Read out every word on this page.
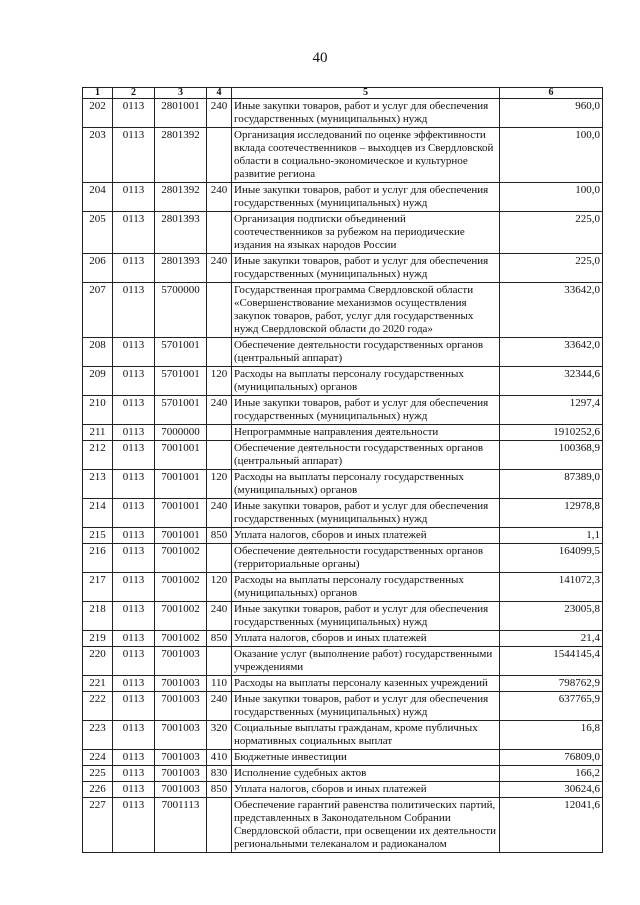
40
1	2	3	4	5	6
202	0113	2801001	240	Иные закупки товаров, работ и услуг для обеспечения государственных (муниципальных) нужд	960,0
203	0113	2801392		Организация исследований по оценке эффективности вклада соотечественников – выходцев из Свердловской области в социально-экономическое и культурное развитие региона	100,0
204	0113	2801392	240	Иные закупки товаров, работ и услуг для обеспечения государственных (муниципальных) нужд	100,0
205	0113	2801393		Организация подписки объединений соотечественников за рубежом на периодические издания на языках народов России	225,0
206	0113	2801393	240	Иные закупки товаров, работ и услуг для обеспечения государственных (муниципальных) нужд	225,0
207	0113	5700000		Государственная программа Свердловской области «Совершенствование механизмов осуществления закупок товаров, работ, услуг для государственных нужд Свердловской области до 2020 года»	33642,0
208	0113	5701001		Обеспечение деятельности государственных органов (центральный аппарат)	33642,0
209	0113	5701001	120	Расходы на выплаты персоналу государственных (муниципальных) органов	32344,6
210	0113	5701001	240	Иные закупки товаров, работ и услуг для обеспечения государственных (муниципальных) нужд	1297,4
211	0113	7000000		Непрограммные направления деятельности	1910252,6
212	0113	7001001		Обеспечение деятельности государственных органов (центральный аппарат)	100368,9
213	0113	7001001	120	Расходы на выплаты персоналу государственных (муниципальных) органов	87389,0
214	0113	7001001	240	Иные закупки товаров, работ и услуг для обеспечения государственных (муниципальных) нужд	12978,8
215	0113	7001001	850	Уплата налогов, сборов и иных платежей	1,1
216	0113	7001002		Обеспечение деятельности государственных органов (территориальные органы)	164099,5
217	0113	7001002	120	Расходы на выплаты персоналу государственных (муниципальных) органов	141072,3
218	0113	7001002	240	Иные закупки товаров, работ и услуг для обеспечения государственных (муниципальных) нужд	23005,8
219	0113	7001002	850	Уплата налогов, сборов и иных платежей	21,4
220	0113	7001003		Оказание услуг (выполнение работ) государственными учреждениями	1544145,4
221	0113	7001003	110	Расходы на выплаты персоналу казенных учреждений	798762,9
222	0113	7001003	240	Иные закупки товаров, работ и услуг для обеспечения государственных (муниципальных) нужд	637765,9
223	0113	7001003	320	Социальные выплаты гражданам, кроме публичных нормативных социальных выплат	16,8
224	0113	7001003	410	Бюджетные инвестиции	76809,0
225	0113	7001003	830	Исполнение судебных актов	166,2
226	0113	7001003	850	Уплата налогов, сборов и иных платежей	30624,6
227	0113	7001113		Обеспечение гарантий равенства политических партий, представленных в Законодательном Собрании Свердловской области, при освещении их деятельности региональными телеканалом и радиоканалом	12041,6
